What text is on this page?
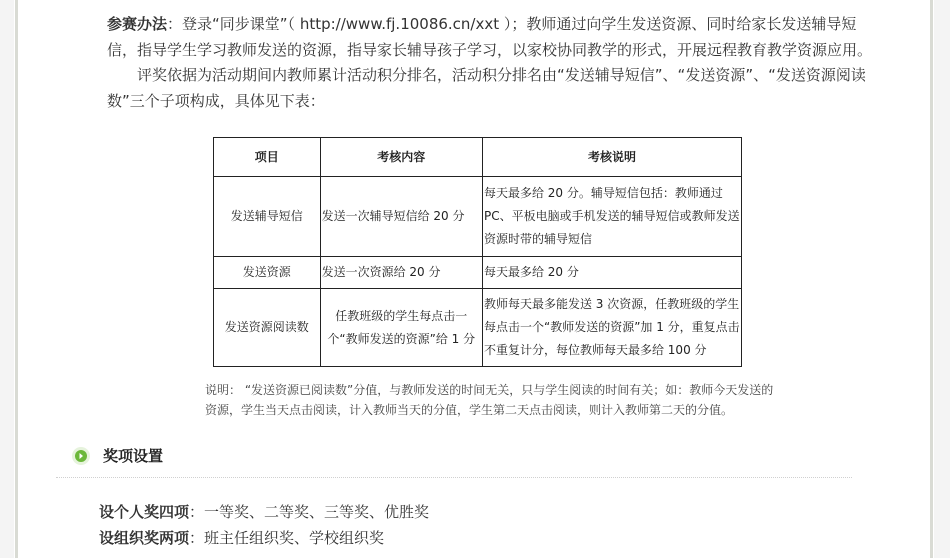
参赛办法：登录“同步课堂”（ http://www.fj.10086.cn/xxt ）；教师通过向学生发送资源、同时给家长发送辅导短信，指导学生学习教师发送的资源，指导家长辅导孩子学习，以家校协同教学的形式，开展远程教育教学资源应用。

评奖依据为活动期间内教师累计活动积分排名，活动积分排名由“发送辅导短信”、“发送资源”、“发送资源阅读数”三个子项构成，具体见下表：

项目	考核内容	考核说明
发送辅导短信	发送一次辅导短信给 20 分	每天最多给 20 分。辅导短信包括：教师通过PC、平板电脑或手机发送的辅导短信或教师发送资源时带的辅导短信
发送资源	发送一次资源给 20 分	每天最多给 20 分
发送资源阅读数	任教班级的学生每点击一个“教师发送的资源”给 1 分	教师每天最多能发送 3 次资源，任教班级的学生每点击一个“教师发送的资源”加 1 分，重复点击不重复计分，每位教师每天最多给 100 分

说明： “发送资源已阅读数”分值，与教师发送的时间无关，只与学生阅读的时间有关；如：教师今天发送的资源，学生当天点击阅读，计入教师当天的分值，学生第二天点击阅读，则计入教师第二天的分值。

奖项设置

设个人奖四项：一等奖、二等奖、三等奖、优胜奖

设组织奖两项：班主任组织奖、学校组织奖
